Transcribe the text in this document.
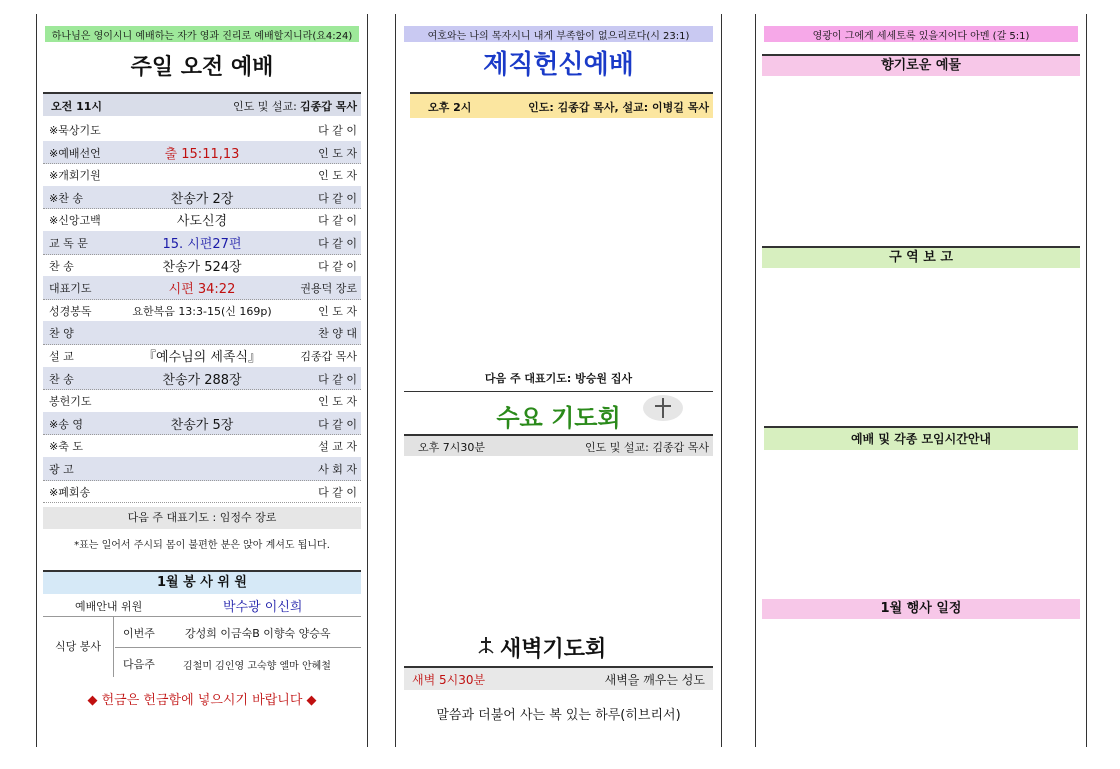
하나님은 영이시니 예배하는 자가 영과 진리로 예배할지니라(요4:24)
주일 오전 예배
오전 11시	인도 및 설교: 김종갑 목사
※묵상기도	다 같 이
※예배선언	출 15:11,13	인 도 자
※개회기원	인 도 자
※찬 송	찬송가 2장	다 같 이
※신앙고백	사도신경	다 같 이
교 독 문	15. 시편27편	다 같 이
찬 송	찬송가 524장	다 같 이
대표기도	시편 34:22	권용덕 장로
성경봉독	요한복음 13:3-15(신 169p)	인 도 자
찬 양	찬 양 대
설 교	『예수님의 세족식』	김종갑 목사
찬 송	찬송가 288장	다 같 이
봉헌기도	인 도 자
※송 영	찬송가 5장	다 같 이
※축 도	설 교 자
광 고	사 회 자
※폐회송	다 같 이
다음 주 대표기도 : 임정수 장로
*표는 일어서 주시되 몸이 불편한 분은 앉아 계셔도 됩니다.
1월 봉 사 위 원
예배안내 위원	박수광 이신희
식당 봉사
이번주	강성희 이금숙B 이향숙 양승옥
다음주	김철미 김인영 고숙향 엘마 안혜철
◆ 헌금은 헌금함에 넣으시기 바랍니다 ◆
여호와는 나의 목자시니 내게 부족함이 없으리로다(시 23:1)
제직헌신예배
오후 2시	인도: 김종갑 목사, 설교: 이병길 목사
다음 주 대표기도: 방승원 집사
수요 기도회
오후 7시30분	인도 및 설교: 김종갑 목사
새벽기도회
새벽 5시30분	새벽을 깨우는 성도
말씀과 더불어 사는 복 있는 하루(히브리서)
영광이 그에게 세세토록 있을지어다 아멘 (갈 5:1)
향기로운 예물
구 역 보 고
예배 및 각종 모임시간안내
1월 행사 일정
